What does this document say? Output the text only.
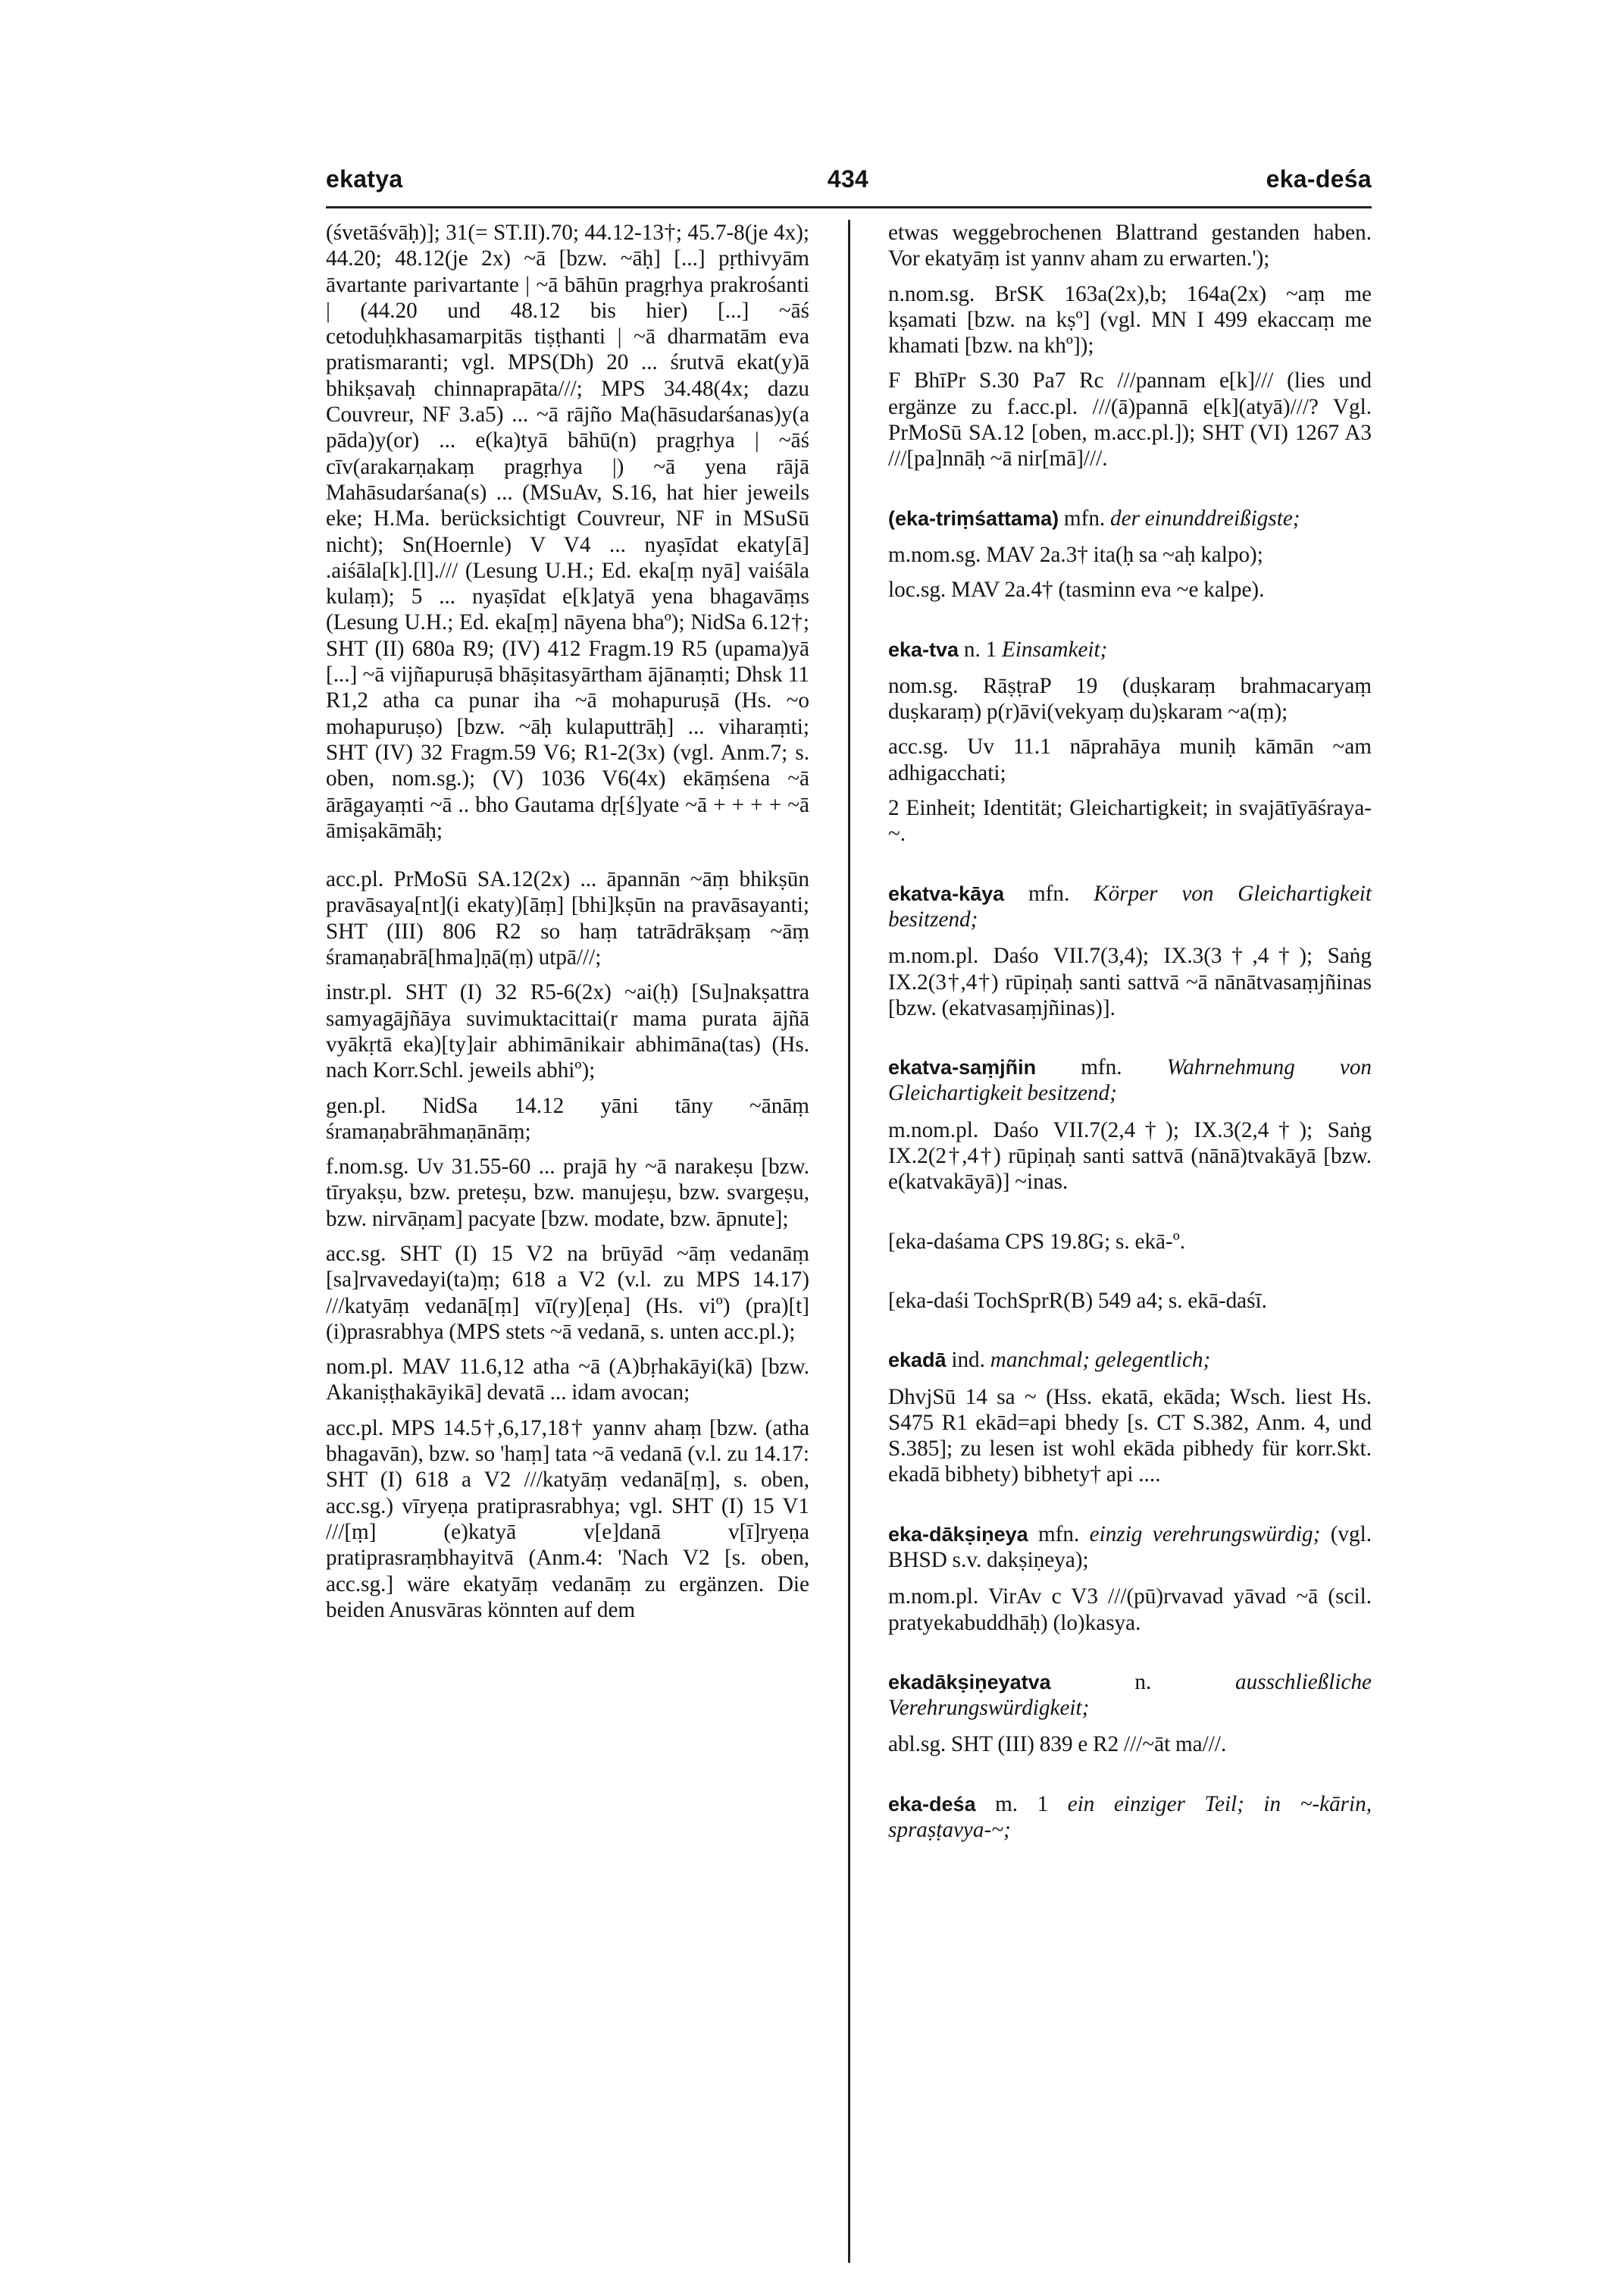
ekatya	434	eka-deśa

(śvetāśvāḥ)]; 31(= ST.II).70; 44.12-13†; 45.7-8(je 4x); 44.20; 48.12(je 2x) ~ā [bzw. ~āḥ] [...] pṛthivyām āvartante parivartante | ~ā bāhūn pragṛhya prakrośanti | (44.20 und 48.12 bis hier) [...] ~āś cetoduḥkhasamarpitās tiṣṭhanti | ~ā dharmatām eva pratismaranti; vgl. MPS(Dh) 20 ... śrutvā ekat(y)ā bhikṣavaḥ chinnaprapāta///; MPS 34.48(4x; dazu Couvreur, NF 3.a5) ... ~ā rājño Ma(hāsudarśanas)y(a pāda)y(or) ... e(ka)tyā bāhū(n) pragṛhya | ~āś cīv(arakarṇakaṃ pragṛhya |) ~ā yena rājā Mahāsudarśana(s) ... (MSuAv, S.16, hat hier jeweils eke; H.Ma. berücksichtigt Couvreur, NF in MSuSū nicht); Sn(Hoernle) V V4 ... nyaṣīdat ekaty[ā] .aiśāla[k].[l]./// (Lesung U.H.; Ed. eka[ṃ nyā] vaiśāla kulaṃ); 5 ... nyaṣīdat e[k]atyā yena bhagavāṃs (Lesung U.H.; Ed. eka[ṃ] nāyena bhaº); NidSa 6.12†; SHT (II) 680a R9; (IV) 412 Fragm.19 R5 (upama)yā [...] ~ā vijñapuruṣā bhāṣitasyārtham ājānaṃti; Dhsk 11 R1,2 atha ca punar iha ~ā mohapuruṣā (Hs. ~o mohapuruṣo) [bzw. ~āḥ kulaputtrāḥ] ... viharaṃti; SHT (IV) 32 Fragm.59 V6; R1-2(3x) (vgl. Anm.7; s. oben, nom.sg.); (V) 1036 V6(4x) ekāṃśena ~ā ārāgayaṃti ~ā .. bho Gautama dṛ[ś]yate ~ā + + + + ~ā āmiṣakāmāḥ;

acc.pl. PrMoSū SA.12(2x) ... āpannān ~āṃ bhikṣūn pravāsaya[nt](i ekaty)[āṃ] [bhi]kṣūn na pravāsayanti; SHT (III) 806 R2 so haṃ tatrādrākṣaṃ ~āṃ śramaṇabrā[hma]ṇā(ṃ) utpā///;

instr.pl. SHT (I) 32 R5-6(2x) ~ai(ḥ) [Su]nakṣattra samyagājñāya suvimuktacittai(r mama purata ājñā vyākṛtā eka)[ty]air abhimānikair abhimāna(tas) (Hs. nach Korr.Schl. jeweils abhiº);

gen.pl. NidSa 14.12 yāni tāny ~ānāṃ śramaṇabrāhmaṇānāṃ;

f.nom.sg. Uv 31.55-60 ... prajā hy ~ā narakeṣu [bzw. tīryakṣu, bzw. preteṣu, bzw. manujeṣu, bzw. svargeṣu, bzw. nirvāṇam] pacyate [bzw. modate, bzw. āpnute];

acc.sg. SHT (I) 15 V2 na brūyād ~āṃ vedanāṃ [sa]rvavedayi(ta)ṃ; 618 a V2 (v.l. zu MPS 14.17) ///katyāṃ vedanā[ṃ] vī(ry)[eṇa] (Hs. viº) (pra)[t](i)prasrabhya (MPS stets ~ā vedanā, s. unten acc.pl.);

nom.pl. MAV 11.6,12 atha ~ā (A)bṛhakāyi(kā) [bzw. Akaniṣṭhakāyikā] devatā ... idam avocan;

acc.pl. MPS 14.5†,6,17,18† yannv ahaṃ [bzw. (atha bhagavān), bzw. so 'haṃ] tata ~ā vedanā (v.l. zu 14.17: SHT (I) 618 a V2 ///katyāṃ vedanā[ṃ], s. oben, acc.sg.) vīryeṇa pratiprasrabhya; vgl. SHT (I) 15 V1 ///[ṃ] (e)katyā v[e]danā v[ī]ryeṇa pratiprasraṃbhayitvā (Anm.4: 'Nach V2 [s. oben, acc.sg.] wäre ekatyāṃ vedanāṃ zu ergänzen. Die beiden Anusvāras könnten auf dem

etwas weggebrochenen Blattrand gestanden haben. Vor ekatyāṃ ist yannv aham zu erwarten.');

n.nom.sg. BrSK 163a(2x),b; 164a(2x) ~aṃ me kṣamati [bzw. na kṣº] (vgl. MN I 499 ekaccaṃ me khamati [bzw. na khº]);

F BhīPr S.30 Pa7 Rc ///pannam e[k]/// (lies und ergänze zu f.acc.pl. ///(ā)pannā e[k](atyā)///? Vgl. PrMoSū SA.12 [oben, m.acc.pl.]); SHT (VI) 1267 A3 ///[pa]nnāḥ ~ā nir[mā]///.

(eka-triṃśattama) mfn. der einunddreißigste;

m.nom.sg. MAV 2a.3† ita(ḥ sa ~aḥ kalpo);

loc.sg. MAV 2a.4† (tasminn eva ~e kalpe).

eka-tva n. 1 Einsamkeit;

nom.sg. RāṣṭraP 19 (duṣkaraṃ brahmacaryaṃ duṣkaraṃ) p(r)āvi(vekyaṃ du)ṣkaram ~a(ṃ);

acc.sg. Uv 11.1 nāprahāya muniḥ kāmān ~am adhigacchati;

2 Einheit; Identität; Gleichartigkeit; in svajātīyāśraya-~.

ekatva-kāya mfn. Körper von Gleichartigkeit besitzend;

m.nom.pl. Daśo VII.7(3,4); IX.3(3†,4†); Saṅg IX.2(3†,4†) rūpiṇaḥ santi sattvā ~ā nānātvasaṃjñinas [bzw. (ekatvasaṃjñinas)].

ekatva-saṃjñin mfn. Wahrnehmung von Gleichartigkeit besitzend;

m.nom.pl. Daśo VII.7(2,4†); IX.3(2,4†); Saṅg IX.2(2†,4†) rūpiṇaḥ santi sattvā (nānā)tvakāyā [bzw. e(katvakāyā)] ~inas.

[eka-daśama CPS 19.8G; s. ekā-º.

[eka-daśi TochSprR(B) 549 a4; s. ekā-daśī.

ekadā ind. manchmal; gelegentlich;

DhvjSū 14 sa ~ (Hss. ekatā, ekāda; Wsch. liest Hs. S475 R1 ekād=api bhedy [s. CT S.382, Anm. 4, und S.385]; zu lesen ist wohl ekāda pibhedy für korr.Skt. ekadā bibhety) bibhety† api ....

eka-dākṣiṇeya mfn. einzig verehrungswürdig; (vgl. BHSD s.v. dakṣiṇeya);

m.nom.pl. VirAv c V3 ///(pū)rvavad yāvad ~ā (scil. pratyekabuddhāḥ) (lo)kasya.

ekadākṣiṇeyatva	n.	ausschließliche Verehrungswürdigkeit;

abl.sg. SHT (III) 839 e R2 ///~āt ma///.

eka-deśa m. 1 ein einziger Teil; in ~-kārin, spraṣṭavya-~;
